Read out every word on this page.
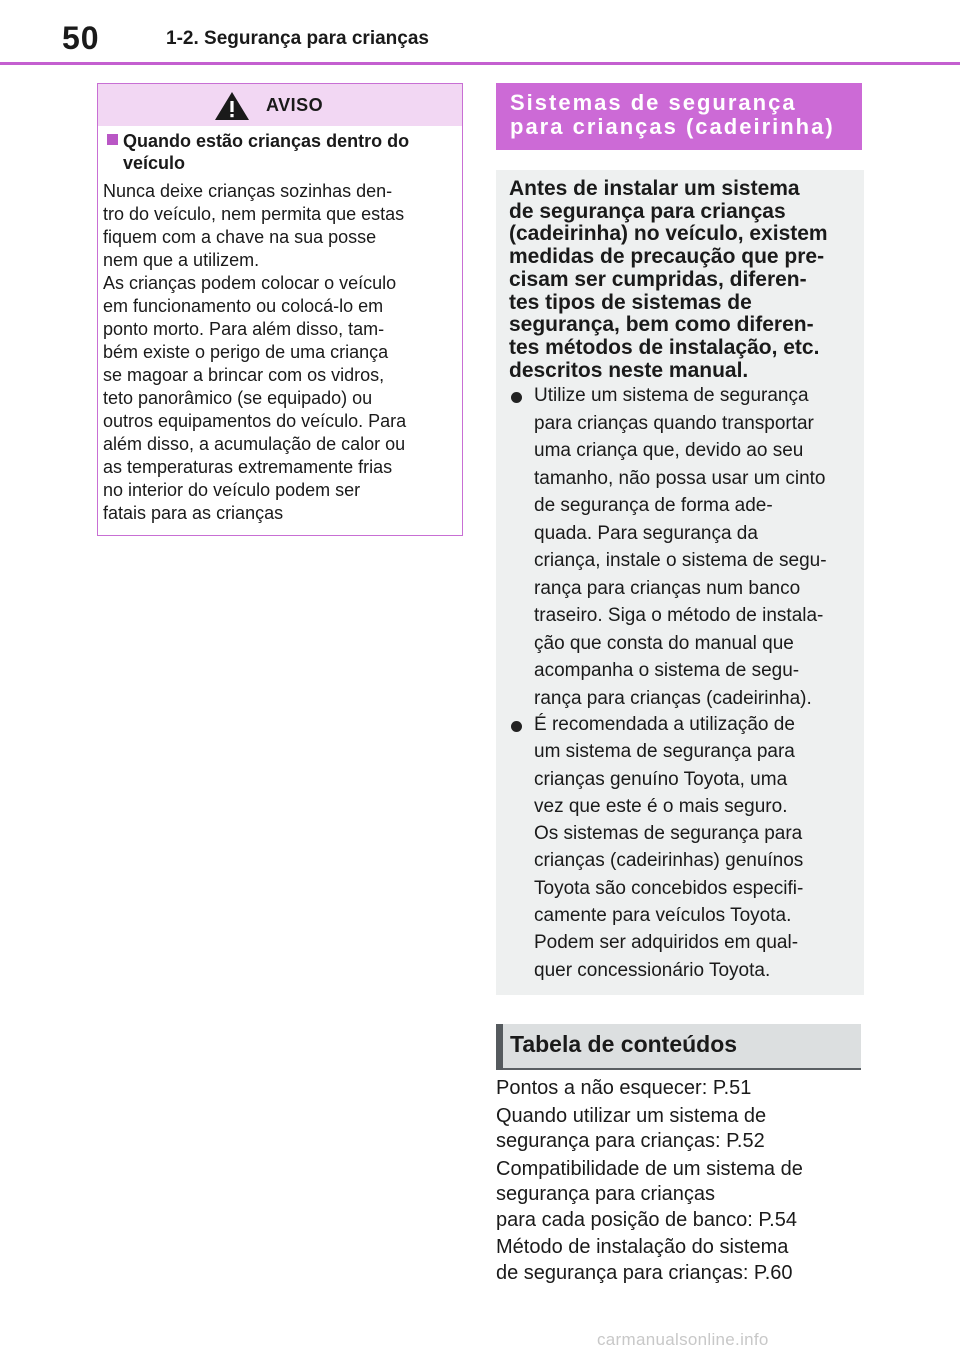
50	1-2. Segurança para crianças
AVISO
Quando estão crianças dentro do
veículo

Nunca deixe crianças sozinhas den-
tro do veículo, nem permita que estas
fiquem com a chave na sua posse
nem que a utilizem.

As crianças podem colocar o veículo
em funcionamento ou colocá-lo em
ponto morto. Para além disso, tam-
bém existe o perigo de uma criança
se magoar a brincar com os vidros,
teto panorâmico (se equipado) ou
outros equipamentos do veículo. Para
além disso, a acumulação de calor ou
as temperaturas extremamente frias
no interior do veículo podem ser
fatais para as crianças

Sistemas de segurança
para crianças (cadeirinha)

Antes de instalar um sistema
de segurança para crianças
(cadeirinha) no veículo, existem
medidas de precaução que pre-
cisam ser cumpridas, diferen-
tes tipos de sistemas de
segurança, bem como diferen-
tes métodos de instalação, etc.
descritos neste manual.

Utilize um sistema de segurança
para crianças quando transportar
uma criança que, devido ao seu
tamanho, não possa usar um cinto
de segurança de forma ade-
quada. Para segurança da
criança, instale o sistema de segu-
rança para crianças num banco
traseiro. Siga o método de instala-
ção que consta do manual que
acompanha o sistema de segu-
rança para crianças (cadeirinha).
É recomendada a utilização de
um sistema de segurança para
crianças genuíno Toyota, uma
vez que este é o mais seguro.
Os sistemas de segurança para
crianças (cadeirinhas) genuínos
Toyota são concebidos especifi-
camente para veículos Toyota.
Podem ser adquiridos em qual-
quer concessionário Toyota.
Tabela de conteúdos
Pontos a não esquecer: P.51
Quando utilizar um sistema de
segurança para crianças: P.52
Compatibilidade de um sistema de
segurança para crianças
para cada posição de banco: P.54
Método de instalação do sistema
de segurança para crianças: P.60
carmanualsonline.info
